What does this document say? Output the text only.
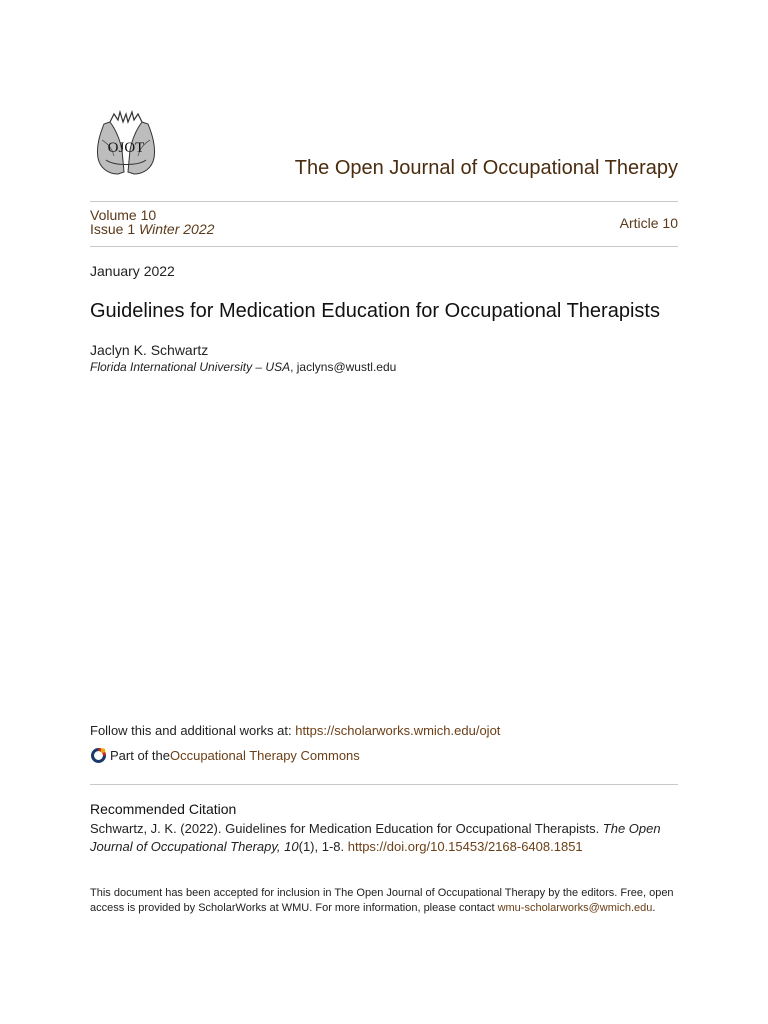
OJOT
The Open Journal of Occupational Therapy
Volume 10
Issue 1 Winter 2022	Article 10
January 2022
Guidelines for Medication Education for Occupational Therapists
Jaclyn K. Schwartz
Florida International University – USA, jaclyns@wustl.edu
Follow this and additional works at: https://scholarworks.wmich.edu/ojot
Part of the Occupational Therapy Commons
Recommended Citation
Schwartz, J. K. (2022). Guidelines for Medication Education for Occupational Therapists. The Open Journal of Occupational Therapy, 10(1), 1-8. https://doi.org/10.15453/2168-6408.1851
This document has been accepted for inclusion in The Open Journal of Occupational Therapy by the editors. Free, open access is provided by ScholarWorks at WMU. For more information, please contact wmu-scholarworks@wmich.edu.
